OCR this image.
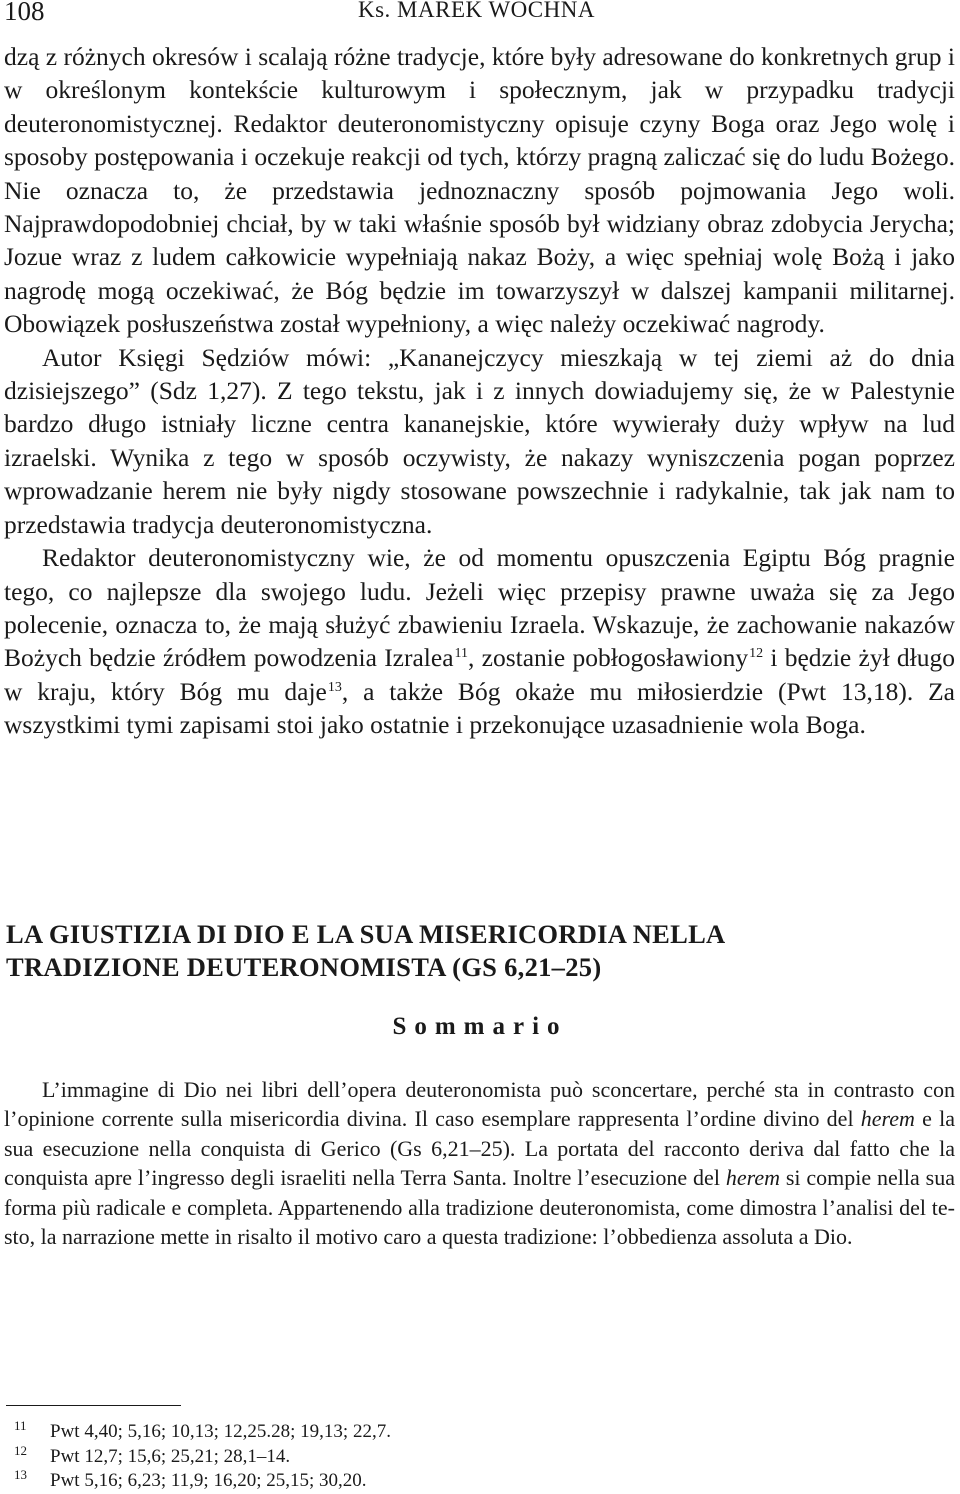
108	Ks. MAREK WOCHNA

dzą z różnych okresów i scalają różne tradycje, które były adresowane do konkretnych grup i w określonym kontekście kulturowym i społecznym, jak w przypadku tradycji deuteronomistycznej. Redaktor deuteronomistyczny opisuje czyny Boga oraz Jego wolę i sposoby postępowania i oczekuje reakcji od tych, którzy pragną zaliczać się do ludu Bożego. Nie oznacza to, że przedstawia jednoznaczny sposób pojmowania Jego woli. Najprawdopodobniej chciał, by w taki właśnie sposób był widziany obraz zdobycia Jerycha; Jozue wraz z ludem całkowicie wypełniają nakaz Boży, a więc spełniaj wolę Bożą i jako nagrodę mogą oczekiwać, że Bóg będzie im towarzyszył w dalszej kampanii militarnej. Obowiązek posłuszeństwa został wypełniony, a więc należy oczekiwać nagrody.

Autor Księgi Sędziów mówi: „Kananejczycy mieszkają w tej ziemi aż do dnia dzisiejszego” (Sdz 1,27). Z tego tekstu, jak i z innych dowiadujemy się, że w Palestynie bardzo długo istniały liczne centra kananejskie, które wywierały duży wpływ na lud izraelski. Wynika z tego w sposób oczywisty, że nakazy wyniszczenia pogan poprzez wprowadzanie herem nie były nigdy stosowane powszechnie i radykalnie, tak jak nam to przedstawia tradycja deuteronomistyczna.

Redaktor deuteronomistyczny wie, że od momentu opuszczenia Egiptu Bóg pragnie tego, co najlepsze dla swojego ludu. Jeżeli więc przepisy prawne uważa się za Jego polecenie, oznacza to, że mają służyć zbawieniu Izraela. Wskazuje, że zachowanie nakazów Bożych będzie źródłem powodzenia Izralea$^{11}$, zostanie pobłogosławiony$^{12}$ i będzie żył długo w kraju, który Bóg mu daje$^{13}$, a także Bóg okaże mu miłosierdzie (Pwt 13,18). Za wszystkimi tymi zapisami stoi jako ostatnie i przekonujące uzasadnienie wola Boga.

LA GIUSTIZIA DI DIO E LA SUA MISERICORDIA NELLA
TRADIZIONE DEUTERONOMISTA (GS 6,21–25)
Sommario

L’immagine di Dio nei libri dell’opera deuteronomista può sconcertare, perché sta in contrasto con l’opinione corrente sulla misericordia divina. Il caso esemplare rappresenta l’ordine divino del herem e la sua esecuzione nella conquista di Gerico (Gs 6,21–25). La portata del racconto deriva dal fatto che la conquista apre l’ingresso degli israeliti nella Terra Santa. Inoltre l’esecuzione del herem si compie nella sua forma più radicale e completa. Appartenendo alla tradizione deuteronomista, come dimostra l’analisi del testo, la narrazione mette in risalto il motivo caro a questa tradizione: l’obbedienza assoluta a Dio.

11 Pwt 4,40; 5,16; 10,13; 12,25.28; 19,13; 22,7.
12 Pwt 12,7; 15,6; 25,21; 28,1–14.
13 Pwt 5,16; 6,23; 11,9; 16,20; 25,15; 30,20.
